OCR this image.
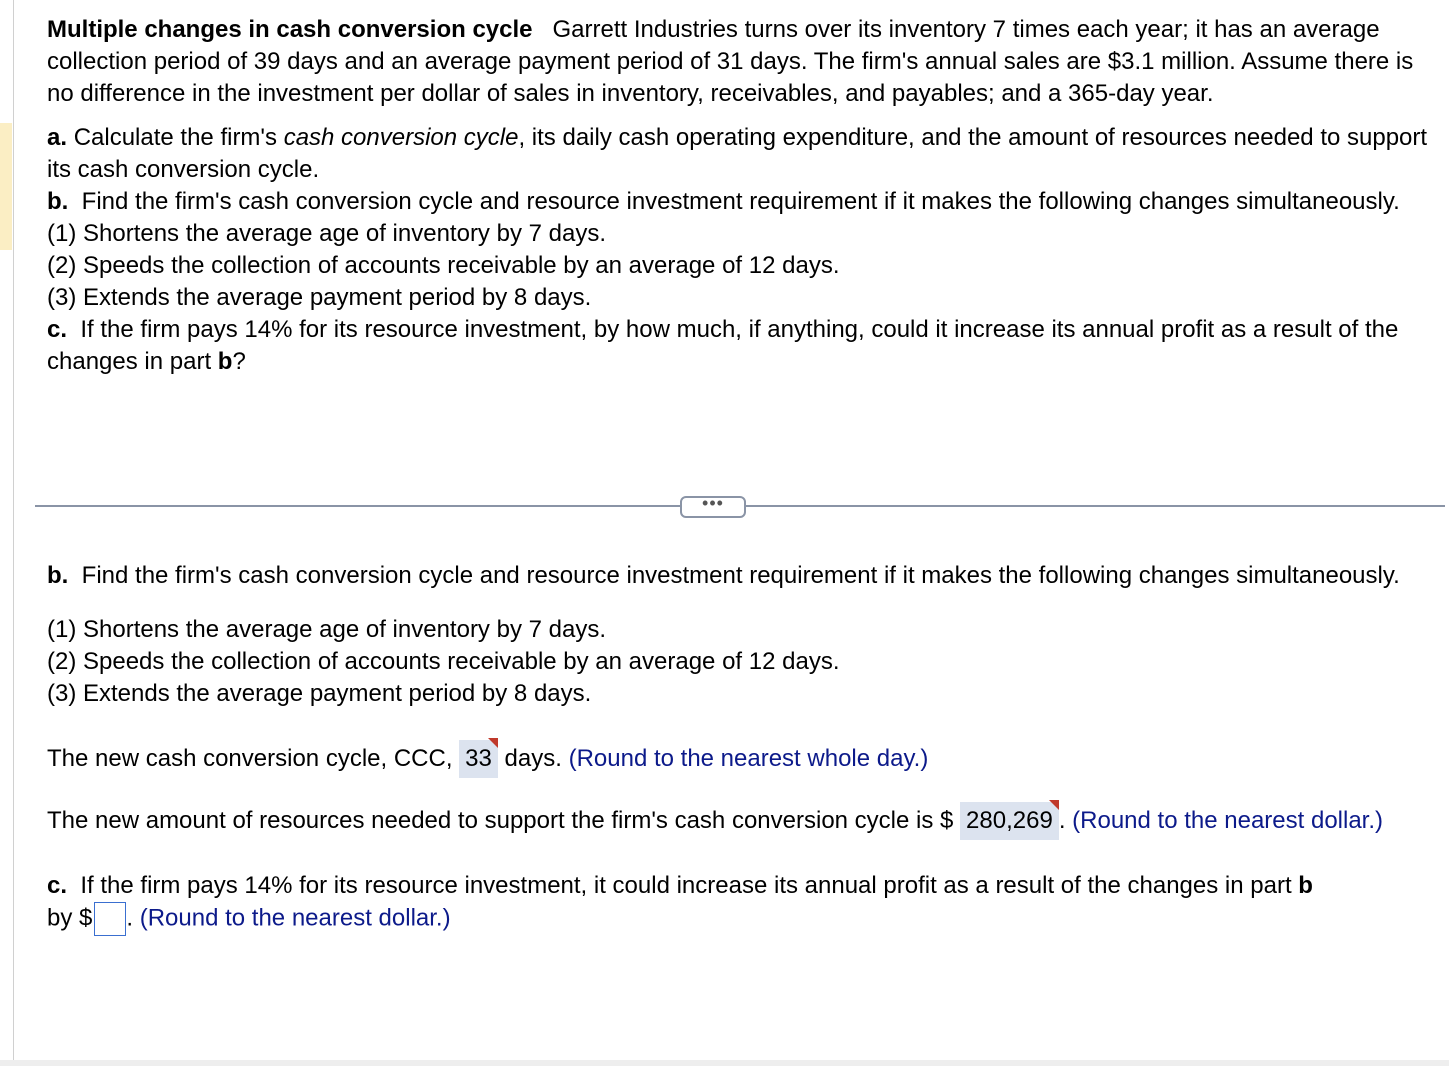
Multiple changes in cash conversion cycle Garrett Industries turns over its inventory 7 times each year; it has an average collection period of 39 days and an average payment period of 31 days. The firm's annual sales are $3.1 million. Assume there is no difference in the investment per dollar of sales in inventory, receivables, and payables; and a 365-day year.

a. Calculate the firm's cash conversion cycle, its daily cash operating expenditure, and the amount of resources needed to support its cash conversion cycle.

b. Find the firm's cash conversion cycle and resource investment requirement if it makes the following changes simultaneously.

(1) Shortens the average age of inventory by 7 days.

(2) Speeds the collection of accounts receivable by an average of 12 days.

(3) Extends the average payment period by 8 days.

c. If the firm pays 14% for its resource investment, by how much, if anything, could it increase its annual profit as a result of the changes in part b?

•••

b. Find the firm's cash conversion cycle and resource investment requirement if it makes the following changes simultaneously.

(1) Shortens the average age of inventory by 7 days.

(2) Speeds the collection of accounts receivable by an average of 12 days.

(3) Extends the average payment period by 8 days.

The new cash conversion cycle, CCC, 33 days. (Round to the nearest whole day.)

The new amount of resources needed to support the firm's cash conversion cycle is $ 280,269 . (Round to the nearest dollar.)

c. If the firm pays 14% for its resource investment, it could increase its annual profit as a result of the changes in part b

by $ . (Round to the nearest dollar.)
